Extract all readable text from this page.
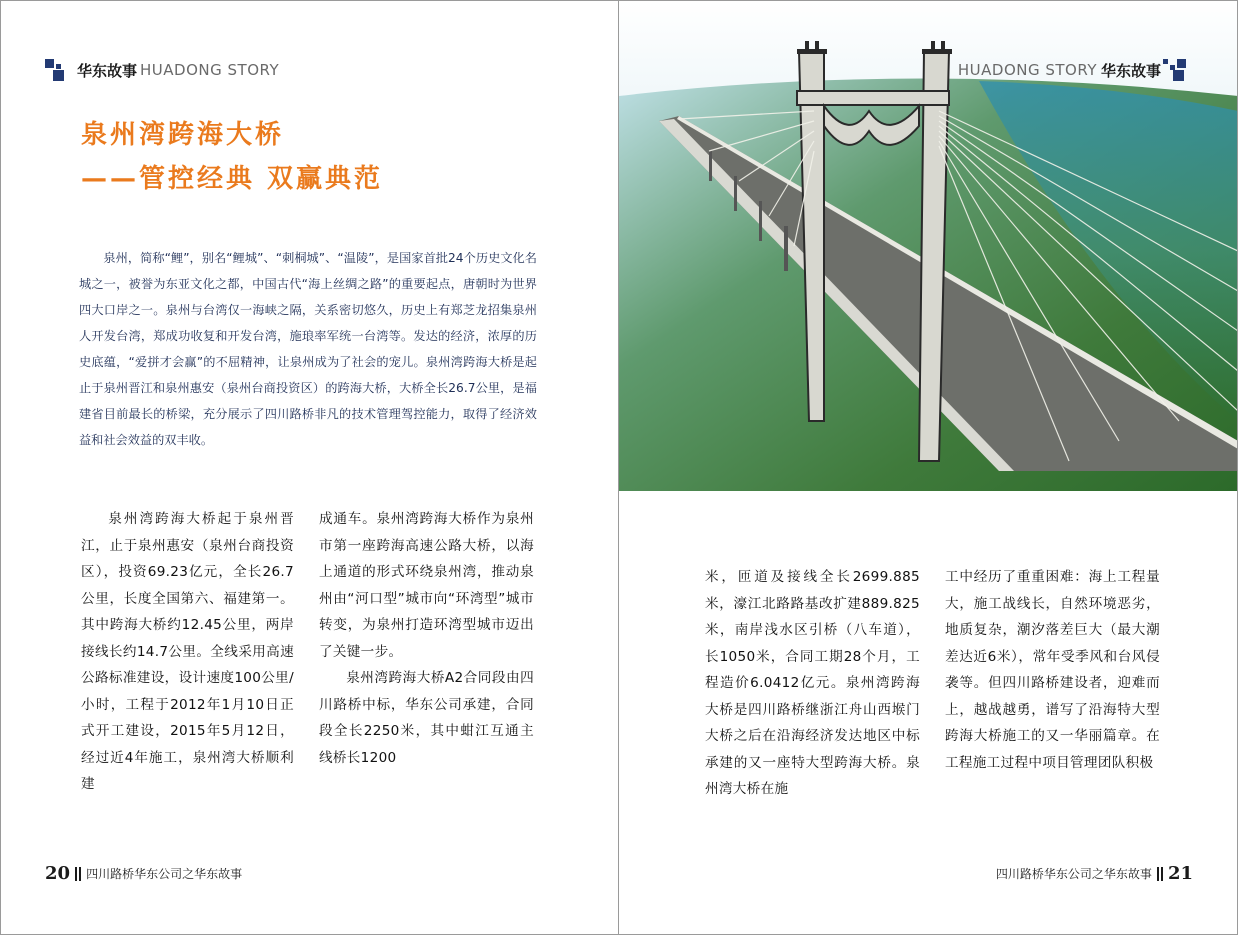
华东故事 HUADONG STORY
泉州湾跨海大桥
——管控经典 双赢典范

泉州，简称“鲤”，别名“鲤城”、“刺桐城”、“温陵”，是国家首批24个历史文化名城之一，被誉为东亚文化之都，中国古代“海上丝绸之路”的重要起点，唐朝时为世界四大口岸之一。泉州与台湾仅一海峡之隔，关系密切悠久，历史上有郑芝龙招集泉州人开发台湾，郑成功收复和开发台湾，施琅率军统一台湾等。发达的经济，浓厚的历史底蕴，“爱拼才会赢”的不屈精神，让泉州成为了社会的宠儿。泉州湾跨海大桥是起止于泉州晋江和泉州惠安（泉州台商投资区）的跨海大桥，大桥全长26.7公里，是福建省目前最长的桥梁，充分展示了四川路桥非凡的技术管理驾控能力，取得了经济效益和社会效益的双丰收。

泉州湾跨海大桥起于泉州晋江，止于泉州惠安（泉州台商投资区），投资69.23亿元，全长26.7公里，长度全国第六、福建第一。其中跨海大桥约12.45公里，两岸接线长约14.7公里。全线采用高速公路标准建设，设计速度100公里/小时，工程于2012年1月10日正式开工建设，2015年5月12日，经过近4年施工，泉州湾大桥顺利建

成通车。泉州湾跨海大桥作为泉州市第一座跨海高速公路大桥，以海上通道的形式环绕泉州湾，推动泉州由“河口型”城市向“环湾型”城市转变，为泉州打造环湾型城市迈出了关键一步。

泉州湾跨海大桥A2合同段由四川路桥中标，华东公司承建，合同段全长2250米，其中蚶江互通主线桥长1200

20 四川路桥华东公司之华东故事
HUADONG STORY 华东故事

米，匝道及接线全长2699.885米，濠江北路路基改扩建889.825米，南岸浅水区引桥（八车道），长1050米，合同工期28个月，工程造价6.0412亿元。泉州湾跨海大桥是四川路桥继浙江舟山西堠门大桥之后在沿海经济发达地区中标承建的又一座特大型跨海大桥。泉州湾大桥在施

工中经历了重重困难：海上工程量大，施工战线长，自然环境恶劣，地质复杂，潮汐落差巨大（最大潮差达近6米），常年受季风和台风侵袭等。但四川路桥建设者，迎难而上，越战越勇，谱写了沿海特大型跨海大桥施工的又一华丽篇章。在工程施工过程中项目管理团队积极

四川路桥华东公司之华东故事 21
